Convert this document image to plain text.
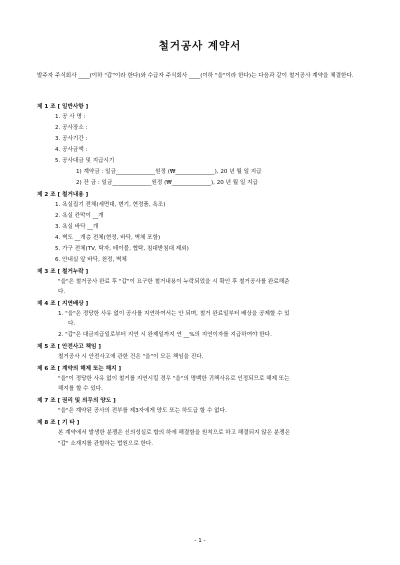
철거공사 계약서
발주자 주식회사 ____(이하 "갑"이라 한다)와 수급자 주식회사 ____(이하 "을"이라 한다)는 다음과 같이 철거공사 계약을 체결한다.
제 1 조 [ 일반사항 ]
1. 공 사 명 :
2. 공사장소 :
3. 공사기간 :
4. 공사금액 :
5. 공사대금 및 지급시기
1) 계약금 : 일금______________원정 (₩______________), 20 년 월 일 지급
2) 잔 금 : 일금______________원정 (₩______________), 20 년 월 일 지급
제 2 조 [ 철거내용 ]
1. 욕실집기 전체(세면대, 변기, 현정품, 욕조)
2. 욕실 칸막이 __개
3. 욕실 바닥 __개
4. 벽도 __개층 전체(현정, 바닥, 벽체 포함)
5. 가구 전체(TV, 탁자, 테이블, 협탁, 침대받침대 제외)
6. 안내실 앞 바닥, 천정, 벽체
제 3 조 [ 철거누락 ]
"을"은 철거공사 완료 후 "갑"이 요구한 철거내용이 누락되었을 시 확인 후 철거공사를 완료해준
다.
제 4 조 [ 지연배상 ]
1. "을"은 정당한 사유 없이 공사를 지연하여서는 안 되며, 철거 완료일부터 배상을 공제할 수 있
다.
2. "갑"은 대금지급일로부터 지연 시 완제일까지 연 __%의 지연이자를 지급하여야 한다.
제 5 조 [ 안전사고 책임 ]
철거공사 시 안전사고에 관한 건은 "을"이 모든 책임을 진다.
제 6 조 [ 계약의 해제 또는 해지 ]
"을"이 정당한 사유 없이 철거를 지연시킬 경우 "을"의 명백한 귀책사유로 인정되므로 해제 또는
해지를 할 수 있다.
제 7 조 [ 권리 및 의무의 양도 ]
"을"은 계약된 공사의 전부를 제3자에게 양도 또는 하도급 할 수 없다.
제 8 조 [ 기 타 ]
본 계약에서 발생한 분쟁은 신의성실로 합의 하에 해결함을 원칙으로 하고 해결되지 않은 분쟁은
"갑" 소재지를 관할하는 법원으로 한다.
- 1 -
